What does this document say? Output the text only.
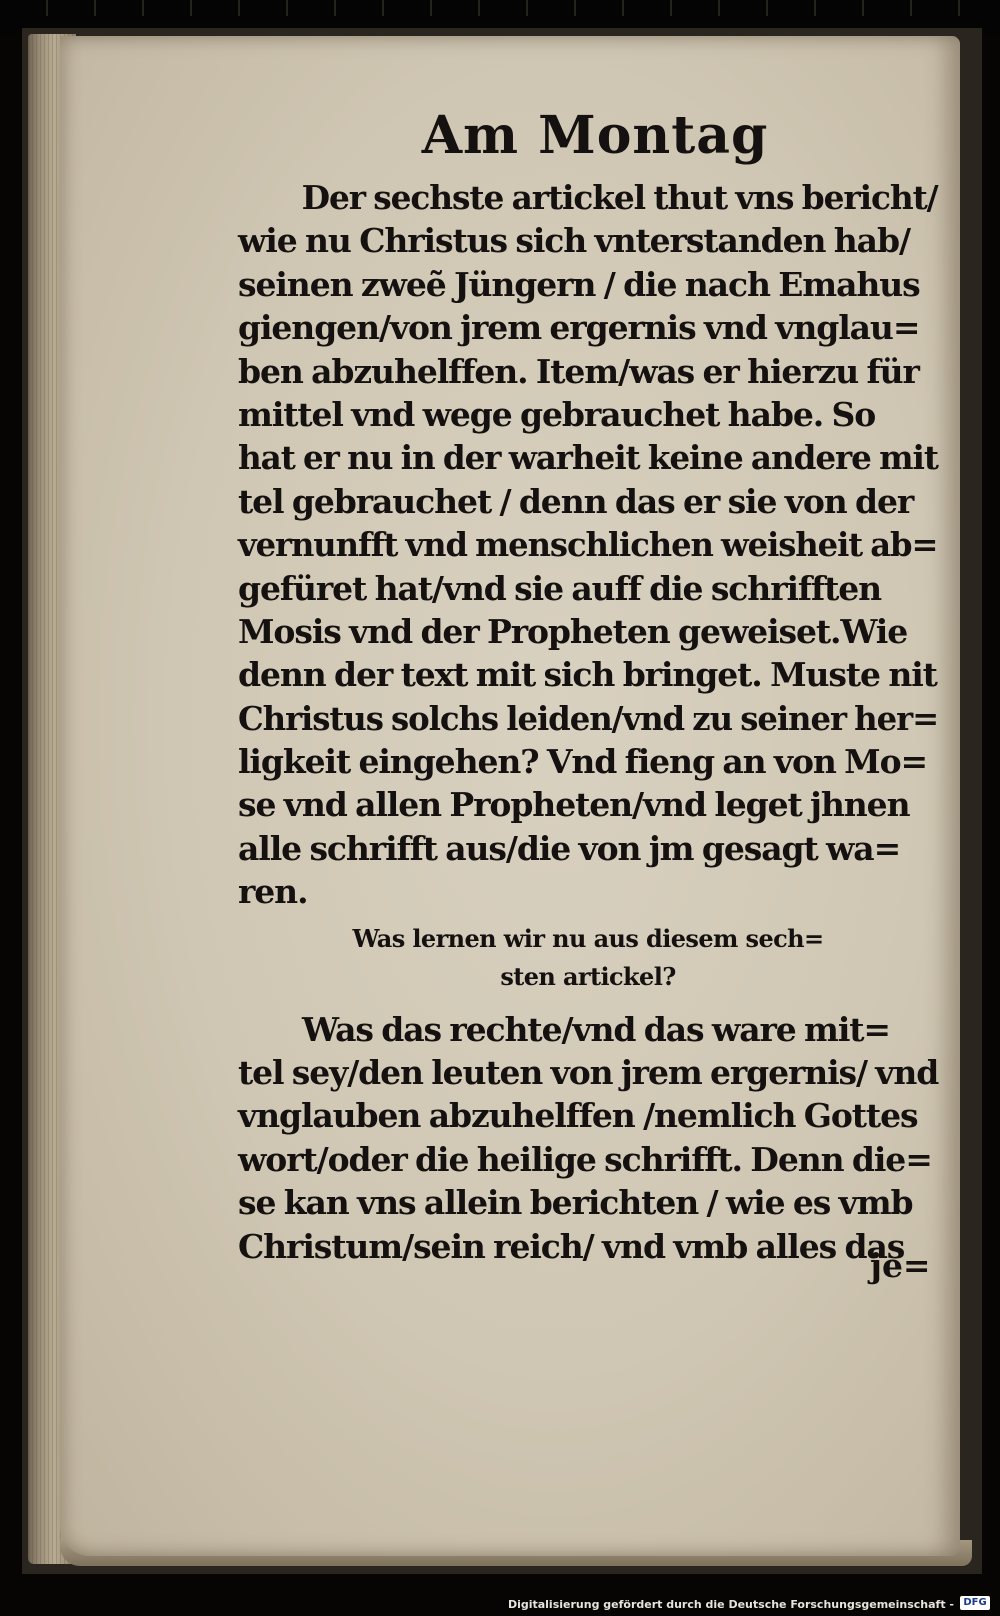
Am Montag
Der sechste artickel thut vns bericht/
wie nu Christus sich vnterstanden hab/
seinen zweẽ Jüngern / die nach Emahus
giengen/von jrem ergernis vnd vnglau=
ben abzuhelffen. Item/was er hierzu für
mittel vnd wege gebrauchet habe. So
hat er nu in der warheit keine andere mit
tel gebrauchet / denn das er sie von der
vernunfft vnd menschlichen weisheit ab=
gefüret hat/vnd sie auff die schrifften
Mosis vnd der Propheten geweiset.Wie
denn der text mit sich bringet. Muste nit
Christus solchs leiden/vnd zu seiner her=
ligkeit eingehen? Vnd fieng an von Mo=
se vnd allen Propheten/vnd leget jhnen
alle schrifft aus/die von jm gesagt wa=
ren.
Was lernen wir nu aus diesem sech=
sten artickel?
Was das rechte/vnd das ware mit=
tel sey/den leuten von jrem ergernis/ vnd
vnglauben abzuhelffen /nemlich Gottes
wort/oder die heilige schrifft. Denn die=
se kan vns allein berichten / wie es vmb
Christum/sein reich/ vnd vmb alles das
je=
Digitalisierung gefördert durch die Deutsche Forschungsgemeinschaft - DFG
